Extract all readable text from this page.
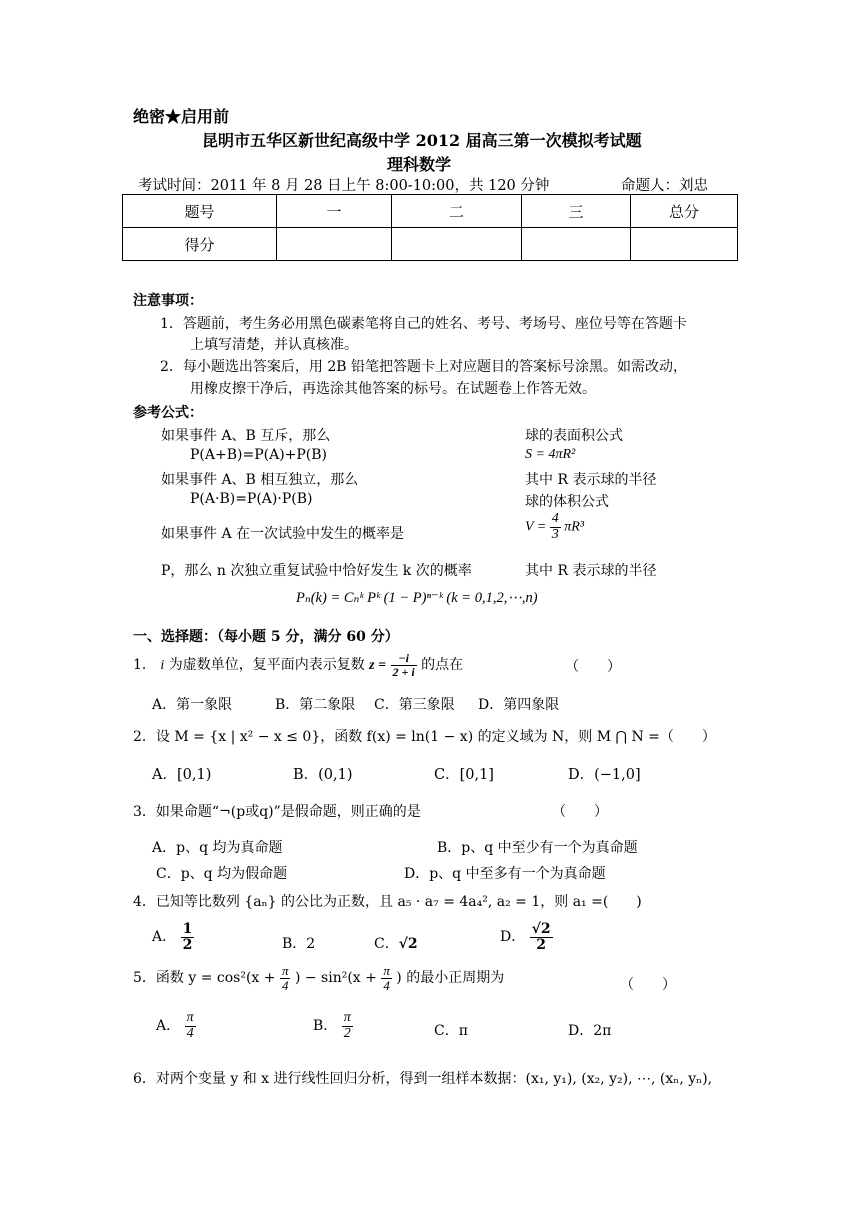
绝密★启用前
昆明市五华区新世纪高级中学 2012 届高三第一次模拟考试题
理科数学
考试时间：2011 年 8 月 28 日上午 8:00-10:00，共 120 分钟	命题人：刘忠
题号	一	二	三	总分
得分				
注意事项：
1．答题前，考生务必用黑色碳素笔将自己的姓名、考号、考场号、座位号等在答题卡
上填写清楚，并认真核准。
2．每小题选出答案后，用 2B 铅笔把答题卡上对应题目的答案标号涂黑。如需改动，
用橡皮擦干净后，再选涂其他答案的标号。在试题卷上作答无效。
参考公式：
如果事件 A、B 互斥，那么
P(A+B)=P(A)+P(B)
如果事件 A、B 相互独立，那么
P(A·B)=P(A)·P(B)
如果事件 A 在一次试验中发生的概率是
P，那么 n 次独立重复试验中恰好发生 k 次的概率
球的表面积公式
S = 4πR²
其中 R 表示球的半径
球的体积公式
$V = \frac{4}{3} \pi R^3$
其中 R 表示球的半径
Pₙ(k) = Cₙᵏ Pᵏ (1 − P)ⁿ⁻ᵏ (k = 0,1,2,⋯,n)
一、选择题：（每小题 5 分，满分 60 分）
1． i 为虚数单位，复平面内表示复数 $z = \frac{-i}{2 + i}$ 的点在	（　　）
A．第一象限	B．第二象限 C．第三象限 D．第四象限
2．设 M = {x | x² − x ≤ 0}，函数 f(x) = ln(1 − x) 的定义域为 N，则 M ⋂ N =（　　）
A．[0,1)	B．(0,1)	C．[0,1]	D．(−1,0]
3．如果命题“¬(p或q)”是假命题，则正确的是	（　　）
A．p、q 均为真命题	B．p、q 中至少有一个为真命题
C．p、q 均为假命题	D．p、q 中至多有一个为真命题
4．已知等比数列 {aₙ} 的公比为正数，且 a₅ · a₇ = 4a₄², a₂ = 1，则 a₁ =(　　)
A． $\frac{1}{2}$	B．2	C．√2	D． $\frac{√2}{2}$
5．函数 $y = \cos^2(x + \frac{\pi}{4}$ ) − $\sin^2(x + \frac{\pi}{4}$ ) 的最小正周期为	（　　）
A． $\frac{\pi}{4}$	B． $\frac{\pi}{2}$	C．π	D．2π
6．对两个变量 y 和 x 进行线性回归分析，得到一组样本数据：(x₁, y₁), (x₂, y₂), ⋯, (xₙ, yₙ),
